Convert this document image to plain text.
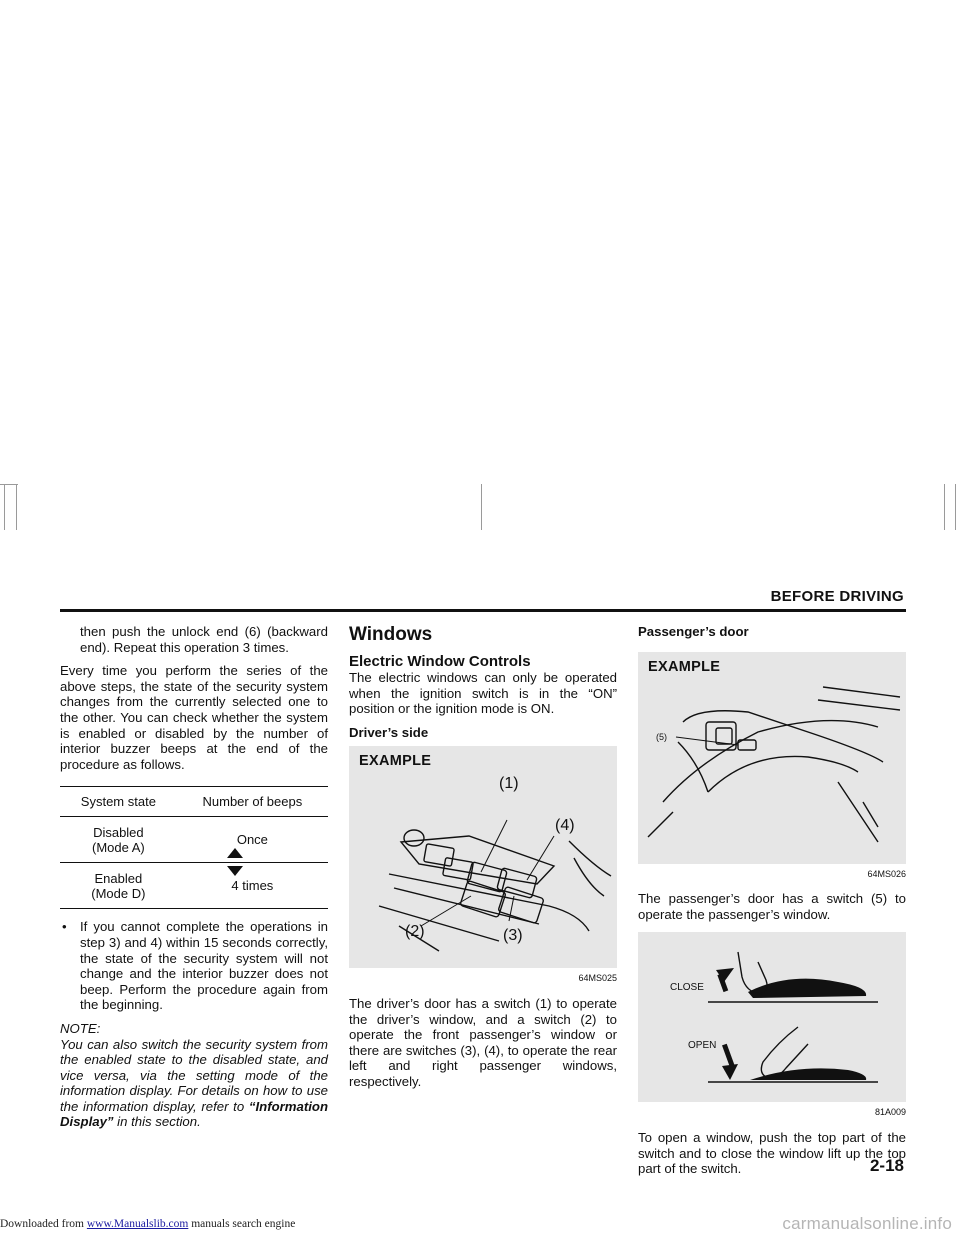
BEFORE DRIVING

then push the unlock end (6) (backward end). Repeat this operation 3 times.

Every time you perform the series of the above steps, the state of the security system changes from the currently selected one to the other. You can check whether the system is enabled or disabled by the number of interior buzzer beeps at the end of the procedure as follows.

System state	Number of beeps

Disabled
(Mode A)	Once

Enabled
(Mode D)	4 times
•	If you cannot complete the operations in step 3) and 4) within 15 seconds correctly, the state of the security system will not change and the interior buzzer does not beep. Perform the procedure again from the beginning.
NOTE:
You can also switch the security system from the enabled state to the disabled state, and vice versa, via the setting mode of the information display. For details on how to use the information display, refer to “Information Display” in this section.
Windows
Electric Window Controls

The electric windows can only be operated when the ignition switch is in the “ON” position or the ignition mode is ON.

Driver’s side
EXAMPLE
(1)
(4)
(2)	(3)
64MS025

The driver’s door has a switch (1) to operate the driver’s window, and a switch (2) to operate the front passenger’s window or there are switches (3), (4), to operate the rear left and right passenger windows, respectively.

Passenger’s door
EXAMPLE
(5)
64MS026

The passenger’s door has a switch (5) to operate the passenger’s window.

CLOSE
OPEN
81A009

To open a window, push the top part of the switch and to close the window lift up the top part of the switch.	2-18
Downloaded from www.Manualslib.com manuals search engine	carmanualsonline.info
